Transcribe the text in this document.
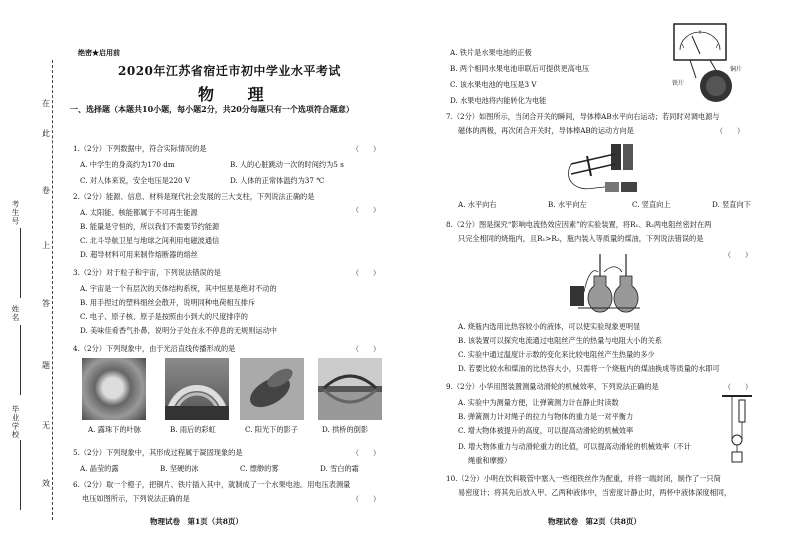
在
此
卷
上
答
题
无
效
考生号
姓名
毕业学校
绝密★启用前
2020年江苏省宿迁市初中学业水平考试
物 理
一、选择题（本题共10小题，每小题2分，共20分每题只有一个选项符合题意）
1.（2分）下列数据中，符合实际情况的是	（　　）
A. 中学生的身高约为170 dm	B. 人的心脏跳动一次的时间约为5 s
C. 对人体来说，安全电压是220 V	D. 人体的正常体温约为37 ℃
2.（2分）能源、信息、材料是现代社会发展的三大支柱，下列说法正确的是
（　　）
A. 太阳能、核能都属于不可再生能源
B. 能量是守恒的，所以我们不需要节约能源
C. 北斗导航卫星与地球之间利用电磁波通信
D. 超导材料可用来制作熔断器的熔丝
3.（2分）对于粒子和宇宙，下列说法错误的是	（　　）
A. 宇宙是一个有层次的天体结构系统，其中恒星是绝对不动的
B. 用手捏过的塑料细丝会散开，说明同种电荷相互排斥
C. 电子、原子核、原子是按照由小到大的尺度排序的
D. 美味佳肴香气扑鼻，说明分子处在永不停息的无规则运动中
4.（2分）下列现象中，由于光沿直线传播形成的是	（　　）
A. 露珠下的叶脉	B. 雨后的彩虹	C. 阳光下的影子	D. 拱桥的倒影
5.（2分）下列现象中，其形成过程属于凝固现象的是	（　　）
A. 晶莹的露	B. 坚硬的冰	C. 缥缈的雾	D. 雪白的霜
6.（2分）取一个橙子，把铜片、铁片插入其中，就制成了一个水果电池。用电压表测量
电压如图所示，下列说法正确的是	（　　）
物理试卷　第1页（共8页）
A. 铁片是水果电池的正极
B. 两个相同水果电池串联后可提供更高电压
C. 该水果电池的电压是3 V
D. 水果电池将内能转化为电能
铁片
铜片
7.（2分）如图所示，当闭合开关的瞬间，导体棒AB水平向右运动；若同时对调电源与
磁体的两极，再次闭合开关时，导体棒AB的运动方向是	（　　）
A. 水平向右	B. 水平向左	C. 竖直向上	D. 竖直向下
8.（2分）图是探究“影响电流热效应因素”的实验装置，将R₁、R₂两电阻丝密封在两
只完全相同的烧瓶内，且R₁>R₂，瓶内装入等质量的煤油，下列说法错误的是
（　　）
A. 烧瓶内选用比热容较小的液体，可以使实验现象更明显
B. 该装置可以探究电流通过电阻丝产生的热量与电阻大小的关系
C. 实验中通过温度计示数的变化来比较电阻丝产生热量的多少
D. 若要比较水和煤油的比热容大小，只需将一个烧瓶内的煤油换成等质量的水即可
9.（2分）小华用图装置测量动滑轮的机械效率，下列说法正确的是	（　　）
A. 实验中为测量方便，让弹簧测力计在静止时读数
B. 弹簧测力计对绳子的拉力与物体的重力是一对平衡力
C. 增大物体被提升的高度，可以提高动滑轮的机械效率
D. 增大物体重力与动滑轮重力的比值，可以提高动滑轮的机械效率（不计
绳重和摩擦）
10.（2分）小明在饮料吸管中塞入一些细铁丝作为配重，并将一端封闭，制作了一只简
易密度计；将其先后放入甲、乙两种液体中，当密度计静止时，两杯中液体深度相同，
物理试卷　第2页（共8页）
